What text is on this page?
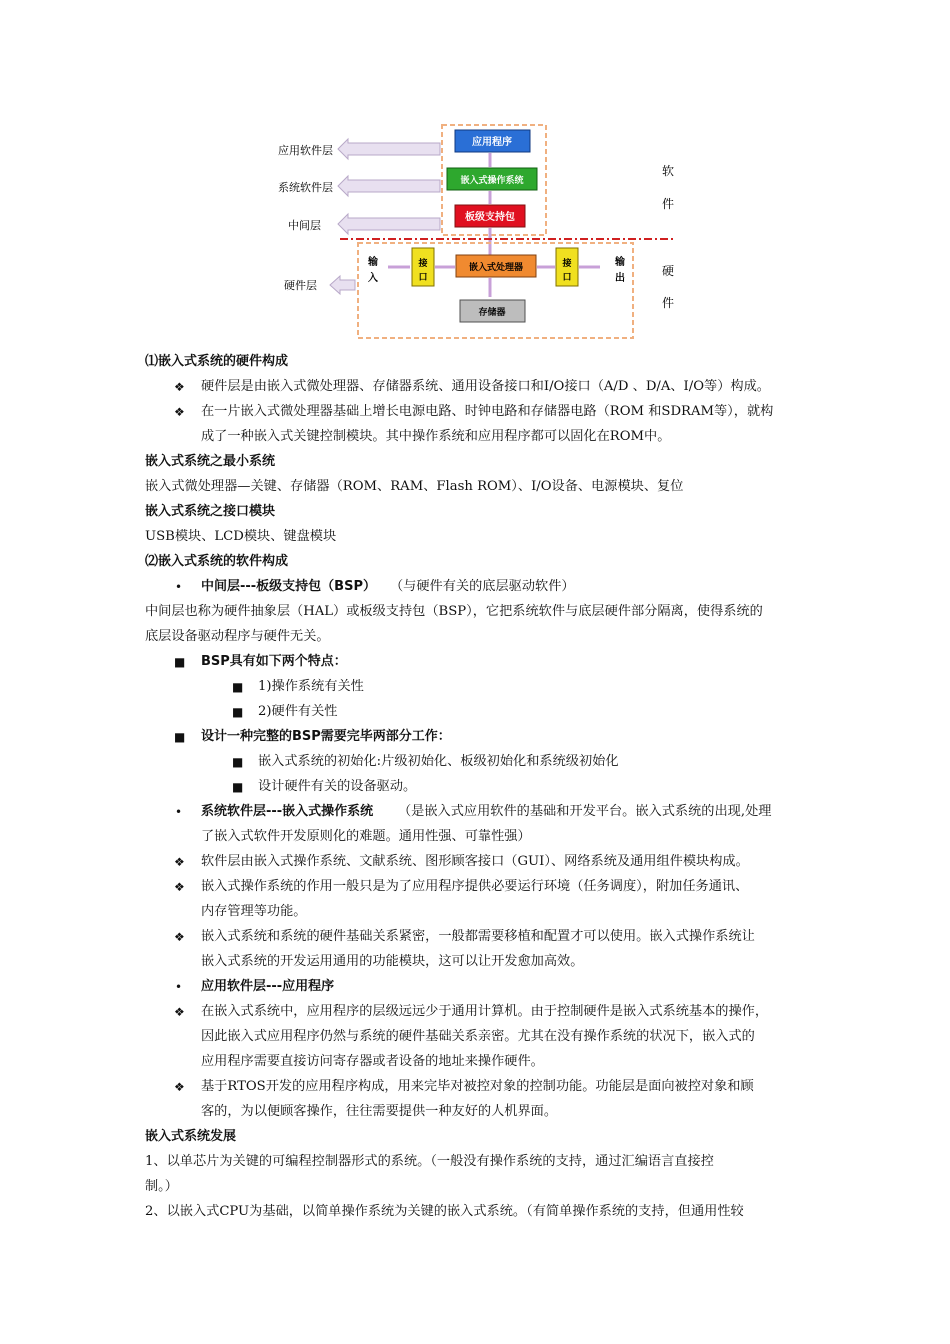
应用软件层
系统软件层
中间层
硬件层
应用程序
嵌入式操作系统
板级支持包
软
件
硬
件
输
入
输
出
接
口
嵌入式处理器	接
口
存储器
⑴嵌入式系统的硬件构成
❖ 硬件层是由嵌入式微处理器、存储器系统、通用设备接口和I/O接口（A/D 、D/A、I/O等）构成。
❖ 在一片嵌入式微处理器基础上增长电源电路、时钟电路和存储器电路（ROM 和SDRAM等），就构
成了一种嵌入式关键控制模块。其中操作系统和应用程序都可以固化在ROM中。
嵌入式系统之最小系统
嵌入式微处理器—关键、存储器（ROM、RAM、Flash ROM）、I/O设备、电源模块、复位
嵌入式系统之接口模块
USB模块、LCD模块、键盘模块
⑵嵌入式系统的软件构成
• 中间层---板级支持包（BSP） （与硬件有关的底层驱动软件）
中间层也称为硬件抽象层（HAL）或板级支持包（BSP），它把系统软件与底层硬件部分隔离，使得系统的
底层设备驱动程序与硬件无关。
■ BSP具有如下两个特点：
■ 1)操作系统有关性
■ 2)硬件有关性
■ 设计一种完整的BSP需要完毕两部分工作：
■ 嵌入式系统的初始化:片级初始化、板级初始化和系统级初始化
■ 设计硬件有关的设备驱动。
• 系统软件层---嵌入式操作系统 （是嵌入式应用软件的基础和开发平台。嵌入式系统的出现,处理
了嵌入式软件开发原则化的难题。通用性强、可靠性强）
❖ 软件层由嵌入式操作系统、文献系统、图形顾客接口（GUI）、网络系统及通用组件模块构成。
❖ 嵌入式操作系统的作用一般只是为了应用程序提供必要运行环境（任务调度），附加任务通讯、
内存管理等功能。
❖ 嵌入式系统和系统的硬件基础关系紧密，一般都需要移植和配置才可以使用。嵌入式操作系统让
嵌入式系统的开发运用通用的功能模块，这可以让开发愈加高效。
• 应用软件层---应用程序
❖ 在嵌入式系统中，应用程序的层级远远少于通用计算机。由于控制硬件是嵌入式系统基本的操作，
因此嵌入式应用程序仍然与系统的硬件基础关系亲密。尤其在没有操作系统的状况下，嵌入式的
应用程序需要直接访问寄存器或者设备的地址来操作硬件。
❖ 基于RTOS开发的应用程序构成，用来完毕对被控对象的控制功能。功能层是面向被控对象和顾
客的，为以便顾客操作，往往需要提供一种友好的人机界面。
嵌入式系统发展
1、以单芯片为关键的可编程控制器形式的系统。（一般没有操作系统的支持，通过汇编语言直接控
制。）
2、以嵌入式CPU为基础，以简单操作系统为关键的嵌入式系统。（有简单操作系统的支持，但通用性较
